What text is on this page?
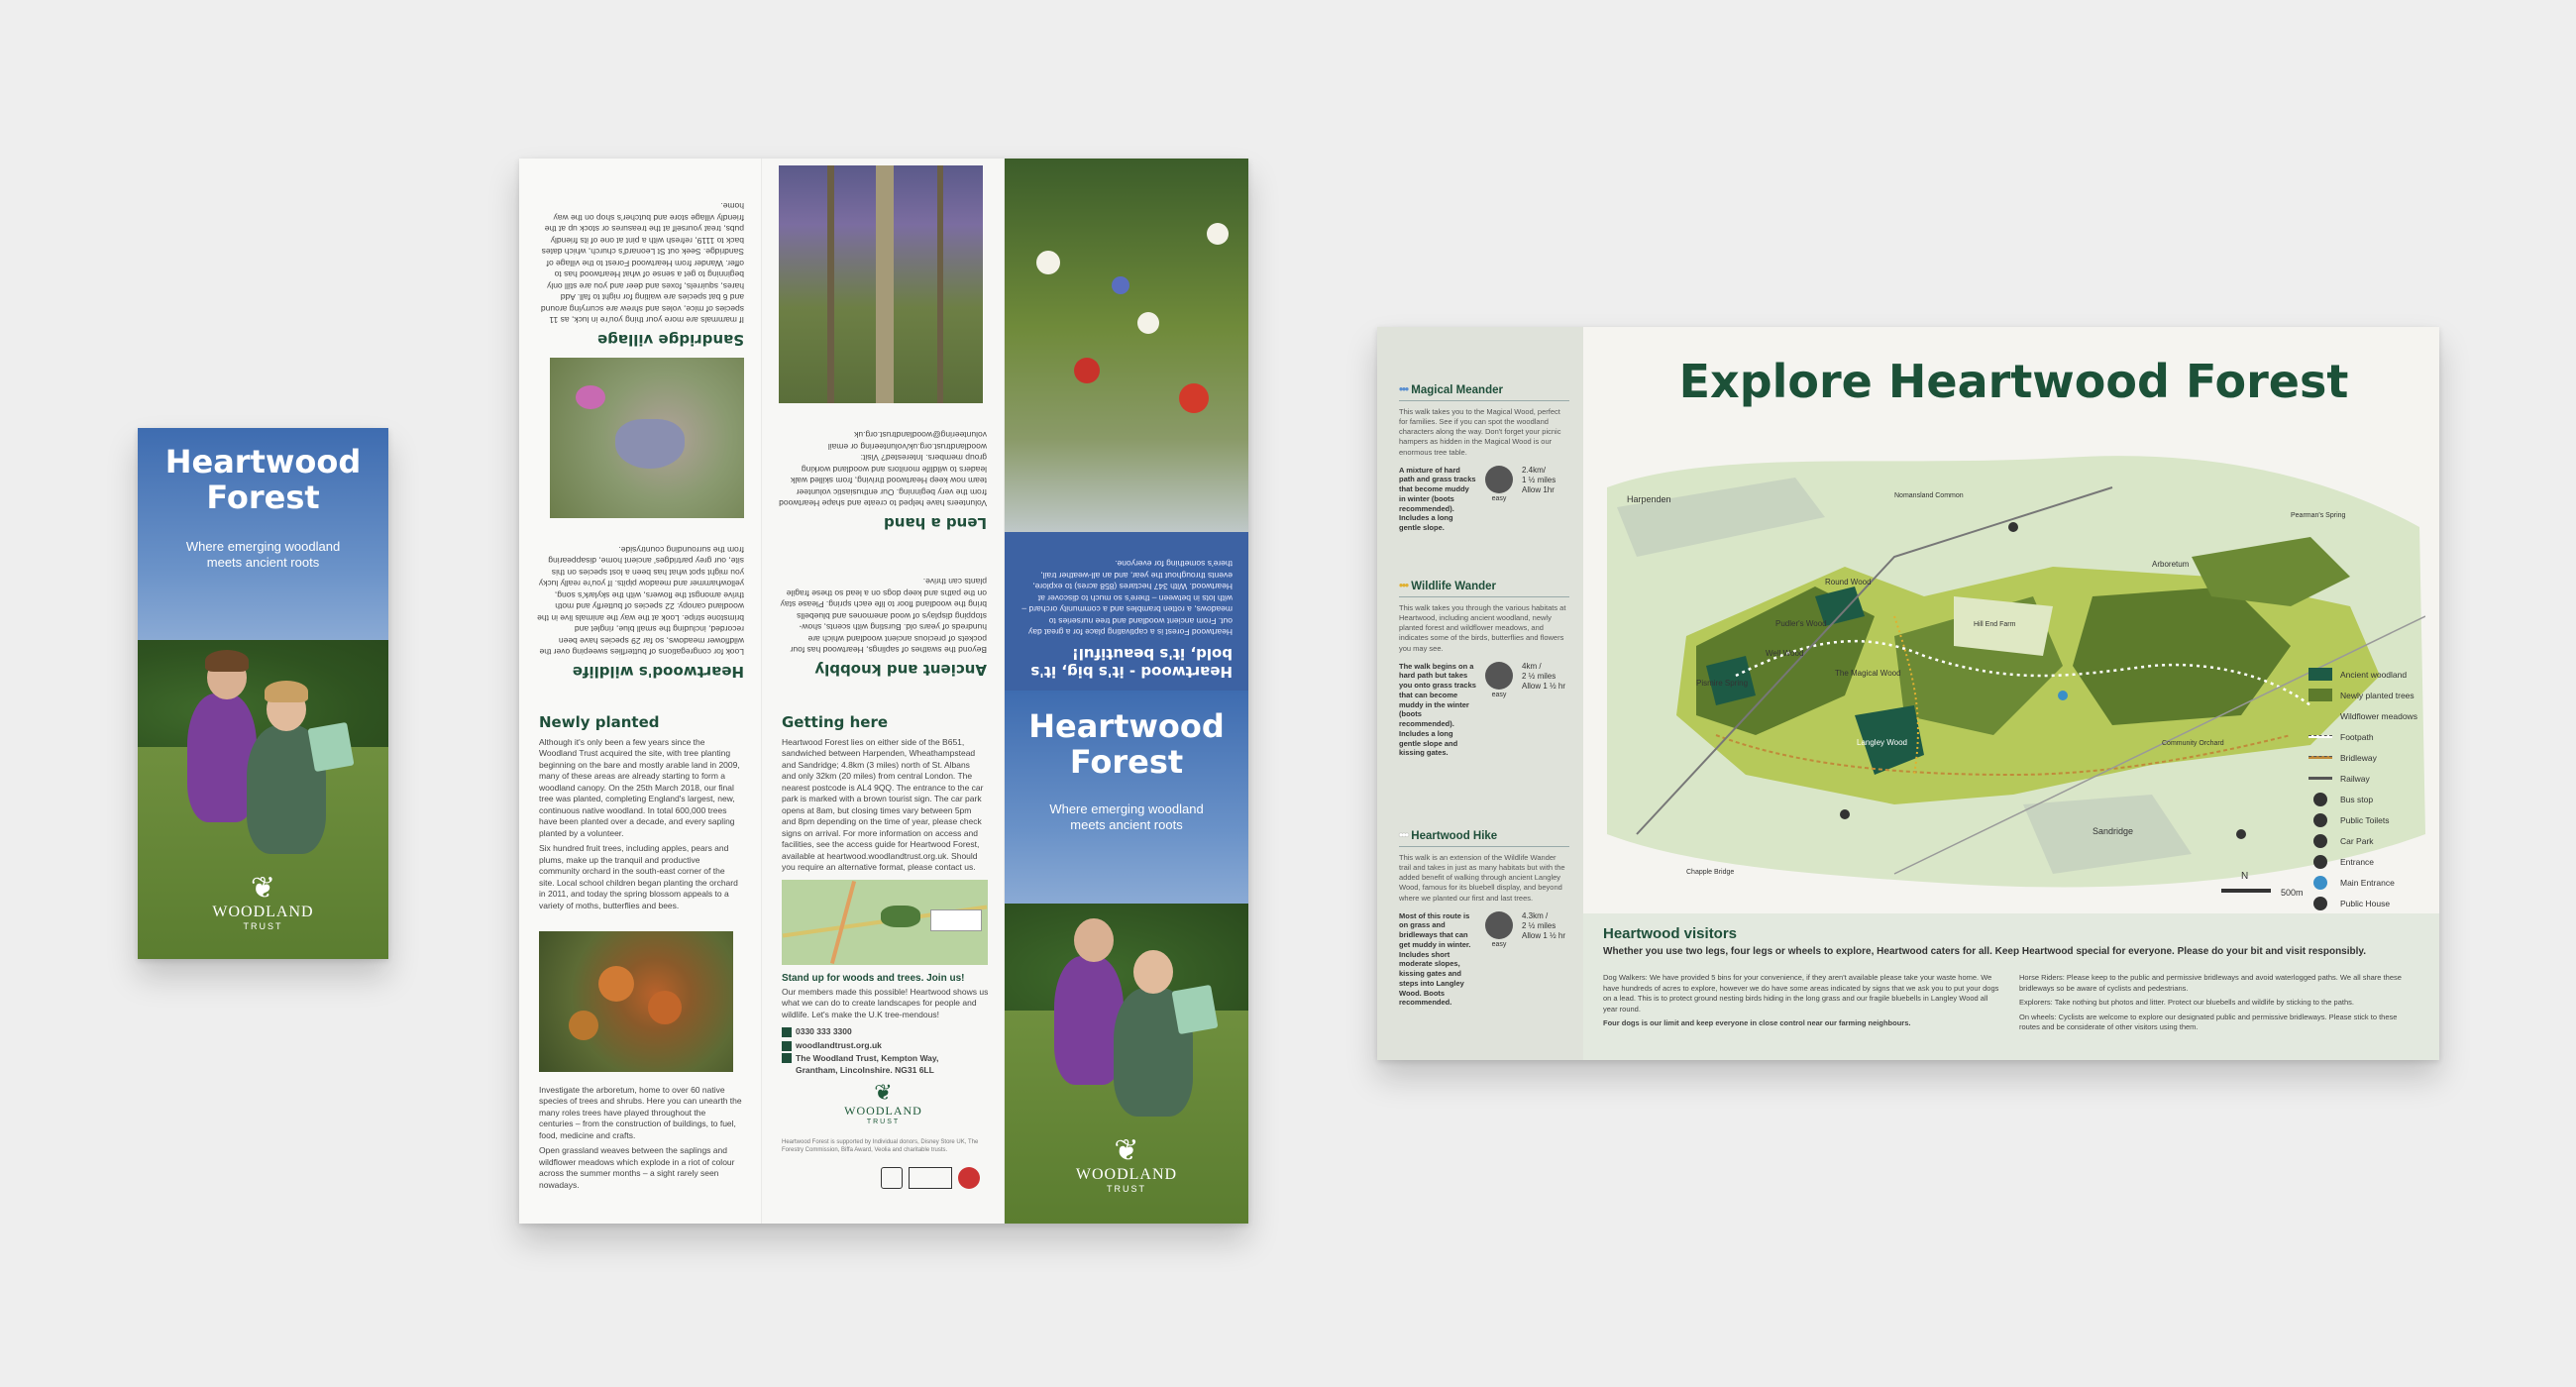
Heartwood
Forest
Where emerging woodland
meets ancient roots
❦
WOODLAND
TRUST
Heartwood's wildlife
Look for congregations of butterflies sweeping over the wildflower meadows, so far 29 species have been recorded, including the small blue, ringlet and brimstone stripe. Look at the way the animals live in the woodland canopy. 22 species of butterfly and moth thrive amongst the flowers, with the skylark's song, yellowhammer and meadow pipits. If you're really lucky you might spot what has been a lost species on this site, our grey partridges' ancient home, disappearing from the surrounding countryside.
Sandridge village
If mammals are more your thing you're in luck, as 11 species of mice, voles and shrew are scurrying around and 6 bat species are waiting for night to fall. Add hares, squirrels, foxes and deer and you are still only beginning to get a sense of what Heartwood has to offer. Wander from Heartwood Forest to the village of Sandridge. Seek out St Leonard's church, which dates back to 1119, refresh with a pint at one of its friendly pubs, treat yourself at the treasures or stock up at the friendly village store and butcher's shop on the way home.
Newly planted
Although it's only been a few years since the Woodland Trust acquired the site, with tree planting beginning on the bare and mostly arable land in 2009, many of these areas are already starting to form a woodland canopy. On the 25th March 2018, our final tree was planted, completing England's largest, new, continuous native woodland. In total 600,000 trees have been planted over a decade, and every sapling planted by a volunteer.
Six hundred fruit trees, including apples, pears and plums, make up the tranquil and productive community orchard in the south-east corner of the site. Local school children began planting the orchard in 2011, and today the spring blossom appeals to a variety of moths, butterflies and bees.
Investigate the arboretum, home to over 60 native species of trees and shrubs. Here you can unearth the many roles trees have played throughout the centuries – from the construction of buildings, to fuel, food, medicine and crafts.
Open grassland weaves between the saplings and wildflower meadows which explode in a riot of colour across the summer months – a sight rarely seen nowadays.
Ancient and knobbly
Beyond the swathes of saplings, Heartwood has four pockets of precious ancient woodland which are hundreds of years old. Bursting with scents, show-stopping displays of wood anemones and bluebells bring the woodland floor to life each spring. Please stay on the paths and keep dogs on a lead so these fragile plants can thrive.
Lend a hand
Volunteers have helped to create and shape Heartwood from the very beginning. Our enthusiastic volunteer team now keep Heartwood thriving, from skilled walk leaders to wildlife monitors and woodland working group members. Interested? Visit: woodlandtrust.org.uk/volunteering or email volunteering@woodlandtrust.org.uk
Getting here
Heartwood Forest lies on either side of the B651, sandwiched between Harpenden, Wheathampstead and Sandridge; 4.8km (3 miles) north of St. Albans and only 32km (20 miles) from central London. The nearest postcode is AL4 9QQ. The entrance to the car park is marked with a brown tourist sign. The car park opens at 8am, but closing times vary between 5pm and 8pm depending on the time of year, please check signs on arrival. For more information on access and facilities, see the access guide for Heartwood Forest, available at heartwood.woodlandtrust.org.uk. Should you require an alternative format, please contact us.
Stand up for woods and trees. Join us!
Our members made this possible! Heartwood shows us what we can do to create landscapes for people and wildlife. Let's make the U.K tree-mendous!
0330 333 3300
woodlandtrust.org.uk
The Woodland Trust, Kempton Way,
Grantham, Lincolnshire. NG31 6LL
❦
WOODLAND
TRUST
Heartwood Forest is supported by Individual donors, Disney Store UK, The Forestry Commission, Biffa Award, Veolia and charitable trusts.
Heartwood - it's big, it's
bold, it's beautiful!
Heartwood Forest is a captivating place for a great day out. From ancient woodland and tree nurseries to meadows, a rotten brambles and a community orchard – with lots in between – there's so much to discover at Heartwood. With 347 hectares (858 acres) to explore, events throughout the year, and an all-weather trail, there's something for everyone.
Heartwood
Forest
Where emerging woodland
meets ancient roots
❦
WOODLAND
TRUST
••• Magical Meander
This walk takes you to the Magical Wood, perfect for families. See if you can spot the woodland characters along the way. Don't forget your picnic hampers as hidden in the Magical Wood is our enormous tree table.
A mixture of hard path and grass tracks that become muddy in winter (boots recommended). Includes a long gentle slope.
easy
2.4km/
1 ½ miles
Allow 1hr
••• Wildlife Wander
This walk takes you through the various habitats at Heartwood, including ancient woodland, newly planted forest and wildflower meadows, and indicates some of the birds, butterflies and flowers you may see.
The walk begins on a hard path but takes you onto grass tracks that can become muddy in the winter (boots recommended). Includes a long gentle slope and kissing gates.
easy
4km /
2 ½ miles
Allow 1 ½ hr
••• Heartwood Hike
This walk is an extension of the Wildlife Wander trail and takes in just as many habitats but with the added benefit of walking through ancient Langley Wood, famous for its bluebell display, and beyond where we planted our first and last trees.
Most of this route is on grass and bridleways that can get muddy in winter. Includes short moderate slopes, kissing gates and steps into Langley Wood. Boots recommended.
easy
4.3km /
2 ½ miles
Allow 1 ½ hr
Explore Heartwood Forest
Harpenden	Nomansland Common
Round Wood
Pudler's Wood
Well Wood
The Magical Wood
Pismire Spring
Langley Wood
Hill End Farm
Arboretum
Community Orchard
Sandridge
Pearman's Spring
Chapple Bridge	N
500m
Ancient woodland
Newly planted trees
Wildflower meadows
Footpath
Bridleway
Railway
Bus stop
Public Toilets
Car Park
Entrance
Main Entrance
Public House
Heartwood visitors
Whether you use two legs, four legs or wheels to explore, Heartwood caters for all. Keep Heartwood special for everyone. Please do your bit and visit responsibly.
Dog Walkers: We have provided 5 bins for your convenience, if they aren't available please take your waste home. We have hundreds of acres to explore, however we do have some areas indicated by signs that we ask you to put your dogs on a lead. This is to protect ground nesting birds hiding in the long grass and our fragile bluebells in Langley Wood all year round.
Four dogs is our limit and keep everyone in close control near our farming neighbours.
Horse Riders: Please keep to the public and permissive bridleways and avoid waterlogged paths. We all share these bridleways so be aware of cyclists and pedestrians.
Explorers: Take nothing but photos and litter. Protect our bluebells and wildlife by sticking to the paths.
On wheels: Cyclists are welcome to explore our designated public and permissive bridleways. Please stick to these routes and be considerate of other visitors using them.
